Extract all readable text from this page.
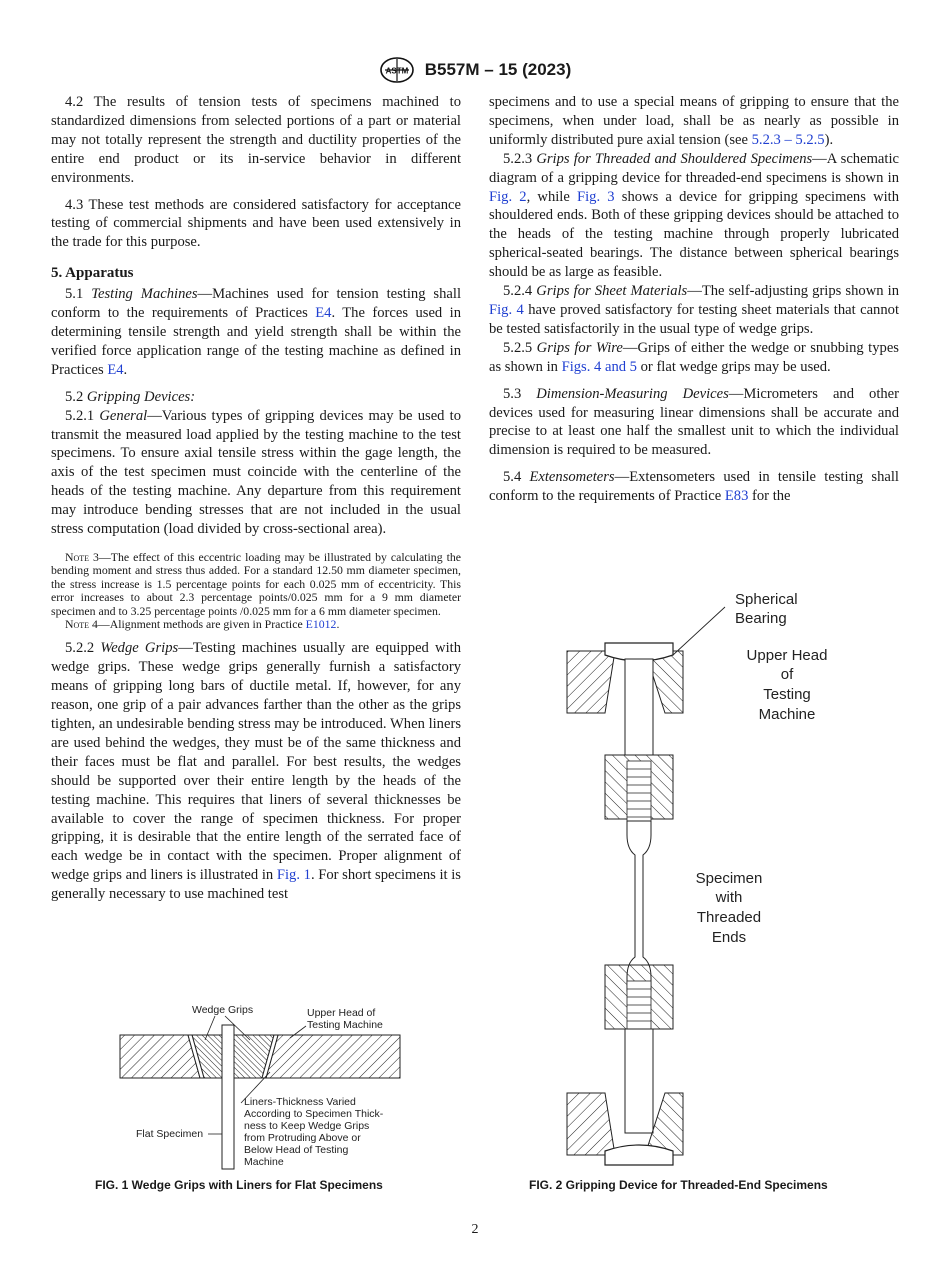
ASTM B557M – 15 (2023)

4.2 The results of tension tests of specimens machined to standardized dimensions from selected portions of a part or material may not totally represent the strength and ductility properties of the entire end product or its in-service behavior in different environments.

4.3 These test methods are considered satisfactory for acceptance testing of commercial shipments and have been used extensively in the trade for this purpose.

5. Apparatus

5.1 Testing Machines—Machines used for tension testing shall conform to the requirements of Practices E4. The forces used in determining tensile strength and yield strength shall be within the verified force application range of the testing machine as defined in Practices E4.

5.2 Gripping Devices:

5.2.1 General—Various types of gripping devices may be used to transmit the measured load applied by the testing machine to the test specimens. To ensure axial tensile stress within the gage length, the axis of the test specimen must coincide with the centerline of the heads of the testing machine. Any departure from this requirement may introduce bending stresses that are not included in the usual stress computation (load divided by cross-sectional area).

Note 3—The effect of this eccentric loading may be illustrated by calculating the bending moment and stress thus added. For a standard 12.50 mm diameter specimen, the stress increase is 1.5 percentage points for each 0.025 mm of eccentricity. This error increases to about 2.3 percentage points/0.025 mm for a 9 mm diameter specimen and to 3.25 percentage points /0.025 mm for a 6 mm diameter specimen.

Note 4—Alignment methods are given in Practice E1012.

5.2.2 Wedge Grips—Testing machines usually are equipped with wedge grips. These wedge grips generally furnish a satisfactory means of gripping long bars of ductile metal. If, however, for any reason, one grip of a pair advances farther than the other as the grips tighten, an undesirable bending stress may be introduced. When liners are used behind the wedges, they must be of the same thickness and their faces must be flat and parallel. For best results, the wedges should be supported over their entire length by the heads of the testing machine. This requires that liners of several thicknesses be available to cover the range of specimen thickness. For proper gripping, it is desirable that the entire length of the serrated face of each wedge be in contact with the specimen. Proper alignment of wedge grips and liners is illustrated in Fig. 1. For short specimens it is generally necessary to use machined test

specimens and to use a special means of gripping to ensure that the specimens, when under load, shall be as nearly as possible in uniformly distributed pure axial tension (see 5.2.3 – 5.2.5).

5.2.3 Grips for Threaded and Shouldered Specimens—A schematic diagram of a gripping device for threaded-end specimens is shown in Fig. 2, while Fig. 3 shows a device for gripping specimens with shouldered ends. Both of these gripping devices should be attached to the heads of the testing machine through properly lubricated spherical-seated bearings. The distance between spherical bearings should be as large as feasible.

5.2.4 Grips for Sheet Materials—The self-adjusting grips shown in Fig. 4 have proved satisfactory for testing sheet materials that cannot be tested satisfactorily in the usual type of wedge grips.

5.2.5 Grips for Wire—Grips of either the wedge or snubbing types as shown in Figs. 4 and 5 or flat wedge grips may be used.

5.3 Dimension-Measuring Devices—Micrometers and other devices used for measuring linear dimensions shall be accurate and precise to at least one half the smallest unit to which the individual dimension is required to be measured.

5.4 Extensometers—Extensometers used in tensile testing shall conform to the requirements of Practice E83 for the

Wedge Grips	Upper Head of
Testing Machine
Flat Specimen
Liners-Thickness Varied
According to Specimen Thick-
ness to Keep Wedge Grips
from Protruding Above or
Below Head of Testing
Machine
FIG. 1 Wedge Grips with Liners for Flat Specimens
Spherical
Bearing
Upper Head
of
Testing
Machine
Specimen
with
Threaded
Ends
FIG. 2 Gripping Device for Threaded-End Specimens
2
